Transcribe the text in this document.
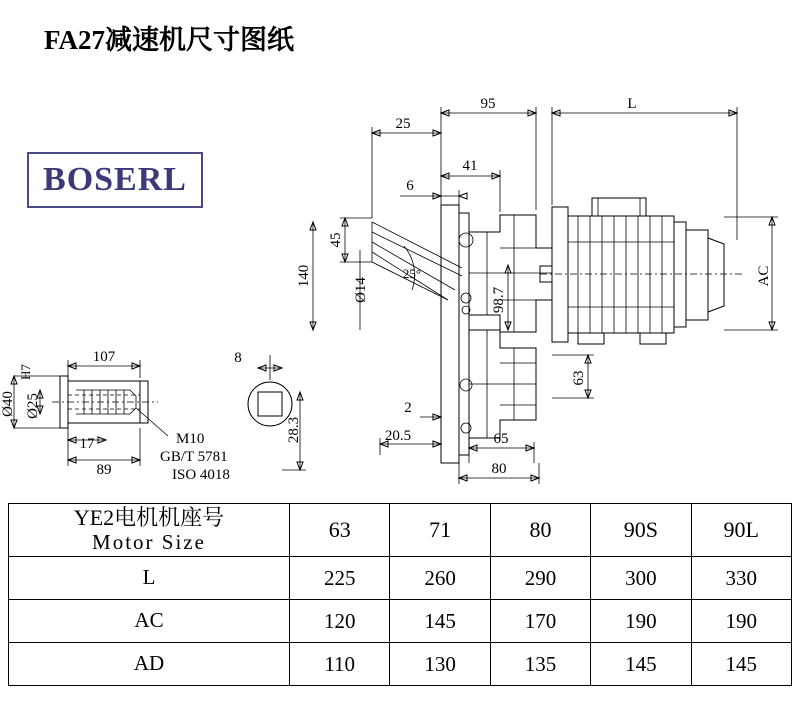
FA27减速机尺寸图纸
BOSERL
95	L
25
41
6
45
140
Ø14
25°
98.7
AC
63
2
20.5	65
80
107	8
17
89
Ø40 Ø25
H7
28.3
M10
GB/T 5781
ISO 4018
YE2电机机座号
Motor Size	63	71	80	90S	90L
L	225	260	290	300	330
AC	120	145	170	190	190
AD	110	130	135	145	145
